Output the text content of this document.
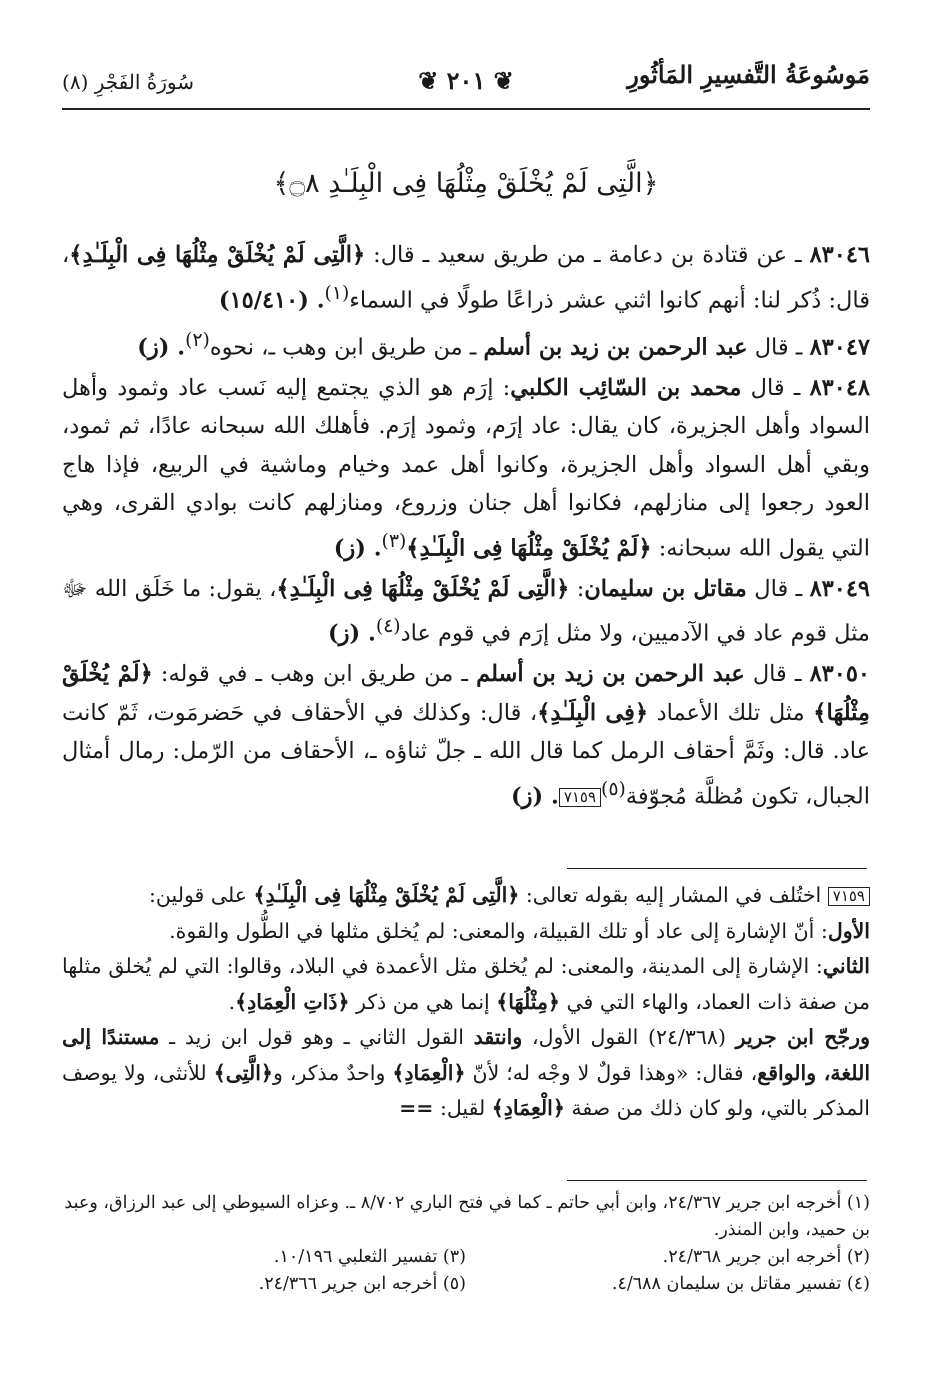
مَوسُوعَةُ التَّفسِيرِ المَأثُورِ
❦ ٢٠١ ❦
سُورَةُ الفَجْرِ (٨)
﴿الَّتِى لَمْ يُخْلَقْ مِثْلُهَا فِى الْبِلَـٰدِ ۝٨﴾

٨٣٠٤٦ ـ عن قتادة بن دعامة ـ من طريق سعيد ـ قال: ﴿الَّتِى لَمْ يُخْلَقْ مِثْلُهَا فِى الْبِلَـٰدِ﴾، قال: ذُكر لنا: أنهم كانوا اثني عشر ذراعًا طولًا في السماء$^{(١)}$. (١٥/٤١٠)

٨٣٠٤٧ ـ قال عبد الرحمن بن زيد بن أسلم ـ من طريق ابن وهب ـ، نحوه$^{(٢)}$. (ز)

٨٣٠٤٨ ـ قال محمد بن السّائِب الكلبي: إرَم هو الذي يجتمع إليه نَسب عاد وثمود وأهل السواد وأهل الجزيرة، كان يقال: عاد إرَم، وثمود إرَم. فأهلك الله سبحانه عادًا، ثم ثمود، وبقي أهل السواد وأهل الجزيرة، وكانوا أهل عمد وخيام وماشية في الربيع، فإذا هاج العود رجعوا إلى منازلهم، فكانوا أهل جنان وزروع، ومنازلهم كانت بوادي القرى، وهي التي يقول الله سبحانه: ﴿لَمْ يُخْلَقْ مِثْلُهَا فِى الْبِلَـٰدِ﴾$^{(٣)}$. (ز)

٨٣٠٤٩ ـ قال مقاتل بن سليمان: ﴿الَّتِى لَمْ يُخْلَقْ مِثْلُهَا فِى الْبِلَـٰدِ﴾، يقول: ما خَلَق الله ﷻ مثل قوم عاد في الآدميين، ولا مثل إرَم في قوم عاد$^{(٤)}$. (ز)

٨٣٠٥٠ ـ قال عبد الرحمن بن زيد بن أسلم ـ من طريق ابن وهب ـ في قوله: ﴿لَمْ يُخْلَقْ مِثْلُهَا﴾ مثل تلك الأعماد ﴿فِى الْبِلَـٰدِ﴾، قال: وكذلك في الأحقاف في حَضرمَوت، ثَمّ كانت عاد. قال: وثَمَّ أحقاف الرمل كما قال الله ـ جلّ ثناؤه ـ، الأحقاف من الرّمل: رمال أمثال الجبال، تكون مُظلَّة مُجوّفة$^{(٥)}$٧١٥٩. (ز)

٧١٥٩ اختُلف في المشار إليه بقوله تعالى: ﴿الَّتِى لَمْ يُخْلَقْ مِثْلُهَا فِى الْبِلَـٰدِ﴾ على قولين:

الأول: أنّ الإشارة إلى عاد أو تلك القبيلة، والمعنى: لم يُخلق مثلها في الطُّول والقوة.

الثاني: الإشارة إلى المدينة، والمعنى: لم يُخلق مثل الأعمدة في البلاد، وقالوا: التي لم يُخلق مثلها من صفة ذات العماد، والهاء التي في ﴿مِثْلُهَا﴾ إنما هي من ذكر ﴿ذَاتِ الْعِمَادِ﴾.

ورجّح ابن جرير (٢٤/٣٦٨) القول الأول، وانتقد القول الثاني ـ وهو قول ابن زيد ـ مستندًا إلى اللغة، والواقع، فقال: «وهذا قولٌ لا وجْه له؛ لأنّ ﴿الْعِمَادِ﴾ واحدٌ مذكر، و﴿الَّتِى﴾ للأنثى، ولا يوصف المذكر بالتي، ولو كان ذلك من صفة ﴿الْعِمَادِ﴾ لقيل: ==

(١) أخرجه ابن جرير ٢٤/٣٦٧، وابن أبي حاتم ـ كما في فتح الباري ٨/٧٠٢ ـ. وعزاه السيوطي إلى عبد الرزاق، وعبد بن حميد، وابن المنذر.

(٢) أخرجه ابن جرير ٢٤/٣٦٨.
(٣) تفسير الثعلبي ١٠/١٩٦.
(٤) تفسير مقاتل بن سليمان ٤/٦٨٨.
(٥) أخرجه ابن جرير ٢٤/٣٦٦.
